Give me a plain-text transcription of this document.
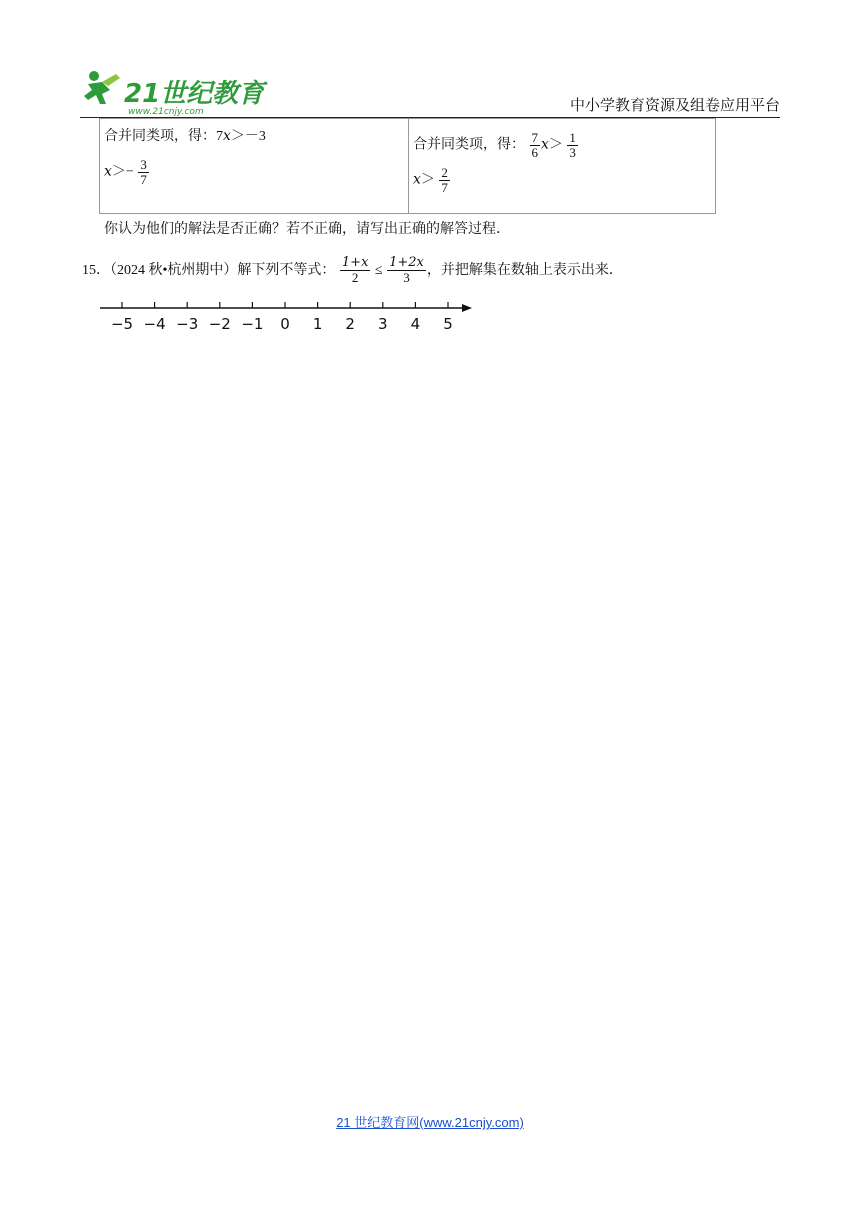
21世纪教育
www.21cnjy.com	中小学教育资源及组卷应用平台
合并同类项，得：7x＞－3
$x>- \frac{3}{7}$

合并同类项，得： $\frac{7}{6} x> \frac{1}{3}$
$x> \frac{2}{7}$
你认为他们的解法是否正确？若不正确，请写出正确的解答过程．
15．（2024 秋•杭州期中）解下列不等式： $\frac{1+x}{2} \le \frac{1+2x}{3}$ ，并把解集在数轴上表示出来．
−5 −4 −3 −2 −1 0 1 2 3 4 5
21 世纪教育网(www.21cnjy.com)
